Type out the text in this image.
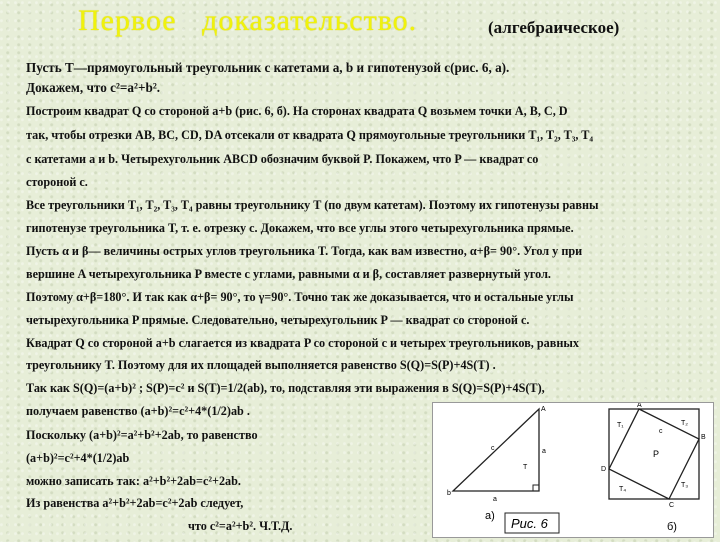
Первое   доказательство.	(алгебраическое)
Пусть T—прямоугольный треугольник с катетами a, b и гипотенузой c(рис. 6, а).
Докажем, что c²=a²+b².
Построим квадрат Q со стороной a+b (рис. 6, б). На сторонах квадрата Q возьмем точки A, B, C, D
так, чтобы отрезки AB, BC, CD, DA отсекали от квадрата Q прямоугольные треугольники T₁, T₂, T₃, T₄
с катетами a и b. Четырехугольник ABCD обозначим буквой P. Покажем, что P — квадрат со
стороной c.
Все треугольники T₁, T₂, T₃, T₄ равны треугольнику T (по двум катетам). Поэтому их гипотенузы равны
гипотенузе треугольника T, т. е. отрезку c. Докажем, что все углы этого четырехугольника прямые.
Пусть α и β— величины острых углов треугольника T. Тогда, как вам известно, α+β= 90°. Угол y при
вершине A четырехугольника P вместе с углами, равными α и β, составляет развернутый угол.
Поэтому α+β=180°. И так как α+β= 90°, то γ=90°. Точно так же доказывается, что и остальные углы
четырехугольника P прямые. Следовательно, четырехугольник P — квадрат со стороной c.
Квадрат Q со стороной a+b слагается из квадрата P со стороной c и четырех треугольников, равных
треугольнику T. Поэтому для их площадей выполняется равенство S(Q)=S(P)+4S(T) .
Так как S(Q)=(a+b)² ; S(P)=c² и S(T)=1/2(ab), то, подставляя эти выражения в S(Q)=S(P)+4S(T),
получаем равенство (a+b)²=c²+4*(1/2)ab .
Поскольку (a+b)²=a²+b²+2ab, то равенство
(a+b)²=c²+4*(1/2)ab
можно записать так: a²+b²+2ab=c²+2ab.
Из равенства a²+b²+2ab=c²+2ab следует,
что c²=a²+b². Ч.Т.Д.
A
b
c	a
T
a
а) Рис. 6
A
B
C
D
T₁	T₂
T₃
T₄
P
c
б)
